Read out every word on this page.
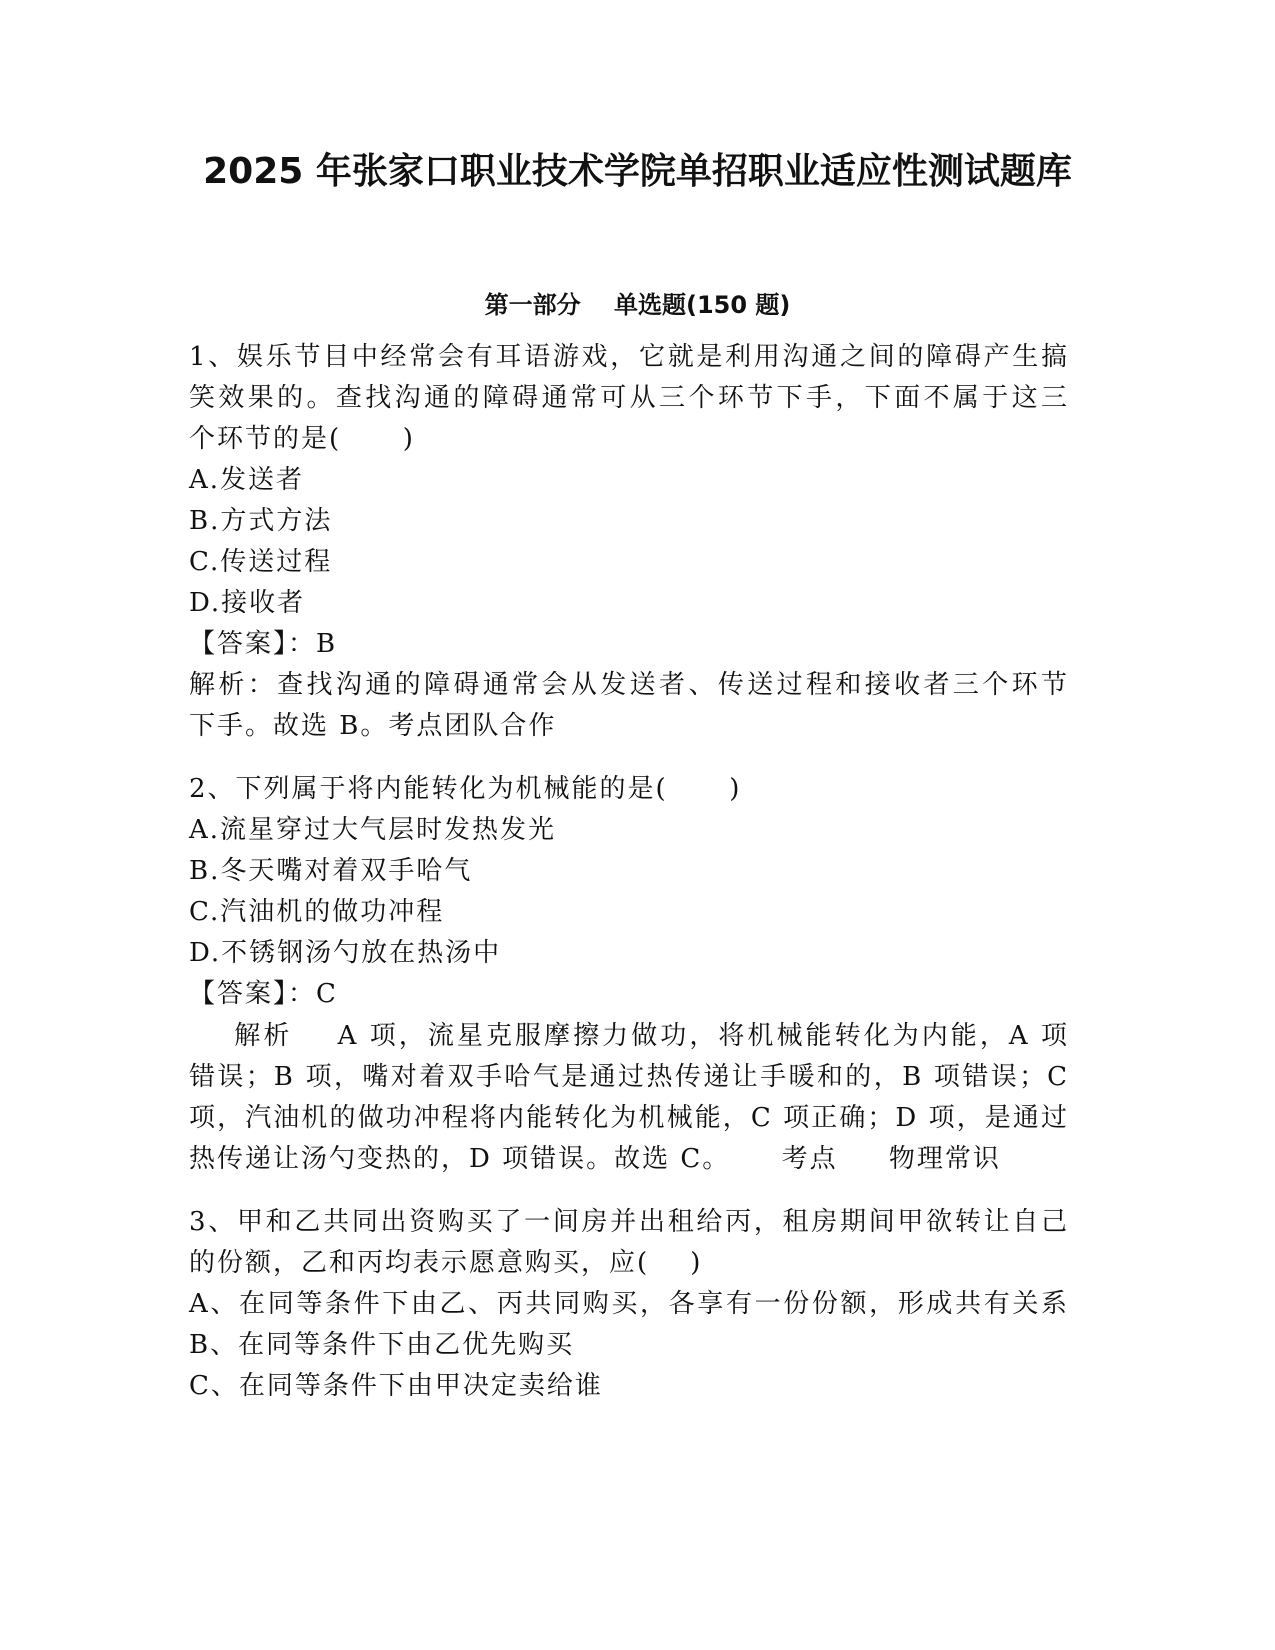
2025 年张家口职业技术学院单招职业适应性测试题库
第一部分    单选题(150 题)
1、娱乐节目中经常会有耳语游戏，它就是利用沟通之间的障碍产生搞
笑效果的。查找沟通的障碍通常可从三个环节下手，下面不属于这三
个环节的是(      )
A.发送者
B.方式方法
C.传送过程
D.接收者
【答案】：B
解析：查找沟通的障碍通常会从发送者、传送过程和接收者三个环节
下手。故选 B。考点团队合作
2、下列属于将内能转化为机械能的是(      )
A.流星穿过大气层时发热发光
B.冬天嘴对着双手哈气
C.汽油机的做功冲程
D.不锈钢汤勺放在热汤中
【答案】：C
解析    A 项，流星克服摩擦力做功，将机械能转化为内能，A 项
错误；B 项，嘴对着双手哈气是通过热传递让手暖和的，B 项错误；C
项，汽油机的做功冲程将内能转化为机械能，C 项正确；D 项，是通过
热传递让汤勺变热的，D 项错误。故选 C。     考点     物理常识
3、甲和乙共同出资购买了一间房并出租给丙，租房期间甲欲转让自己
的份额，乙和丙均表示愿意购买，应(    )
A、在同等条件下由乙、丙共同购买，各享有一份份额，形成共有关系
B、在同等条件下由乙优先购买
C、在同等条件下由甲决定卖给谁
